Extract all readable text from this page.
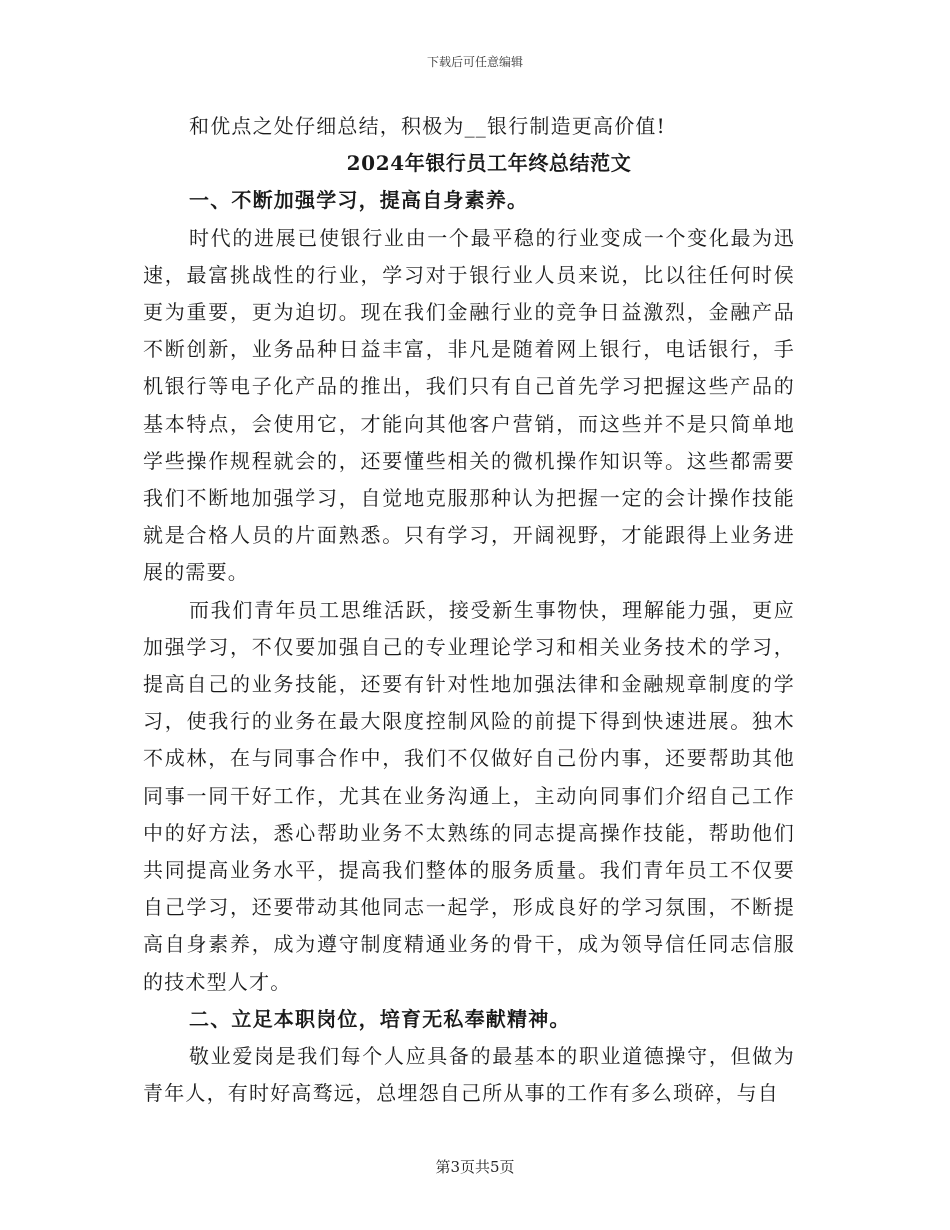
下载后可任意编辑

和优点之处仔细总结，积极为__银行制造更高价值!

2024年银行员工年终总结范文

一、不断加强学习，提高自身素养。

时代的进展已使银行业由一个最平稳的行业变成一个变化最为迅速，最富挑战性的行业，学习对于银行业人员来说，比以往任何时侯更为重要，更为迫切。现在我们金融行业的竞争日益激烈，金融产品不断创新，业务品种日益丰富，非凡是随着网上银行，电话银行，手机银行等电子化产品的推出，我们只有自己首先学习把握这些产品的基本特点，会使用它，才能向其他客户营销，而这些并不是只简单地学些操作规程就会的，还要懂些相关的微机操作知识等。这些都需要我们不断地加强学习，自觉地克服那种认为把握一定的会计操作技能就是合格人员的片面熟悉。只有学习，开阔视野，才能跟得上业务进展的需要。

而我们青年员工思维活跃，接受新生事物快，理解能力强，更应加强学习，不仅要加强自己的专业理论学习和相关业务技术的学习，提高自己的业务技能，还要有针对性地加强法律和金融规章制度的学习，使我行的业务在最大限度控制风险的前提下得到快速进展。独木不成林，在与同事合作中，我们不仅做好自己份内事，还要帮助其他同事一同干好工作，尤其在业务沟通上，主动向同事们介绍自己工作中的好方法，悉心帮助业务不太熟练的同志提高操作技能，帮助他们共同提高业务水平，提高我们整体的服务质量。我们青年员工不仅要自己学习，还要带动其他同志一起学，形成良好的学习氛围，不断提高自身素养，成为遵守制度精通业务的骨干，成为领导信任同志信服的技术型人才。

二、立足本职岗位，培育无私奉献精神。

敬业爱岗是我们每个人应具备的最基本的职业道德操守，但做为青年人，有时好高骛远，总埋怨自己所从事的工作有多么琐碎，与自

第3页共5页
